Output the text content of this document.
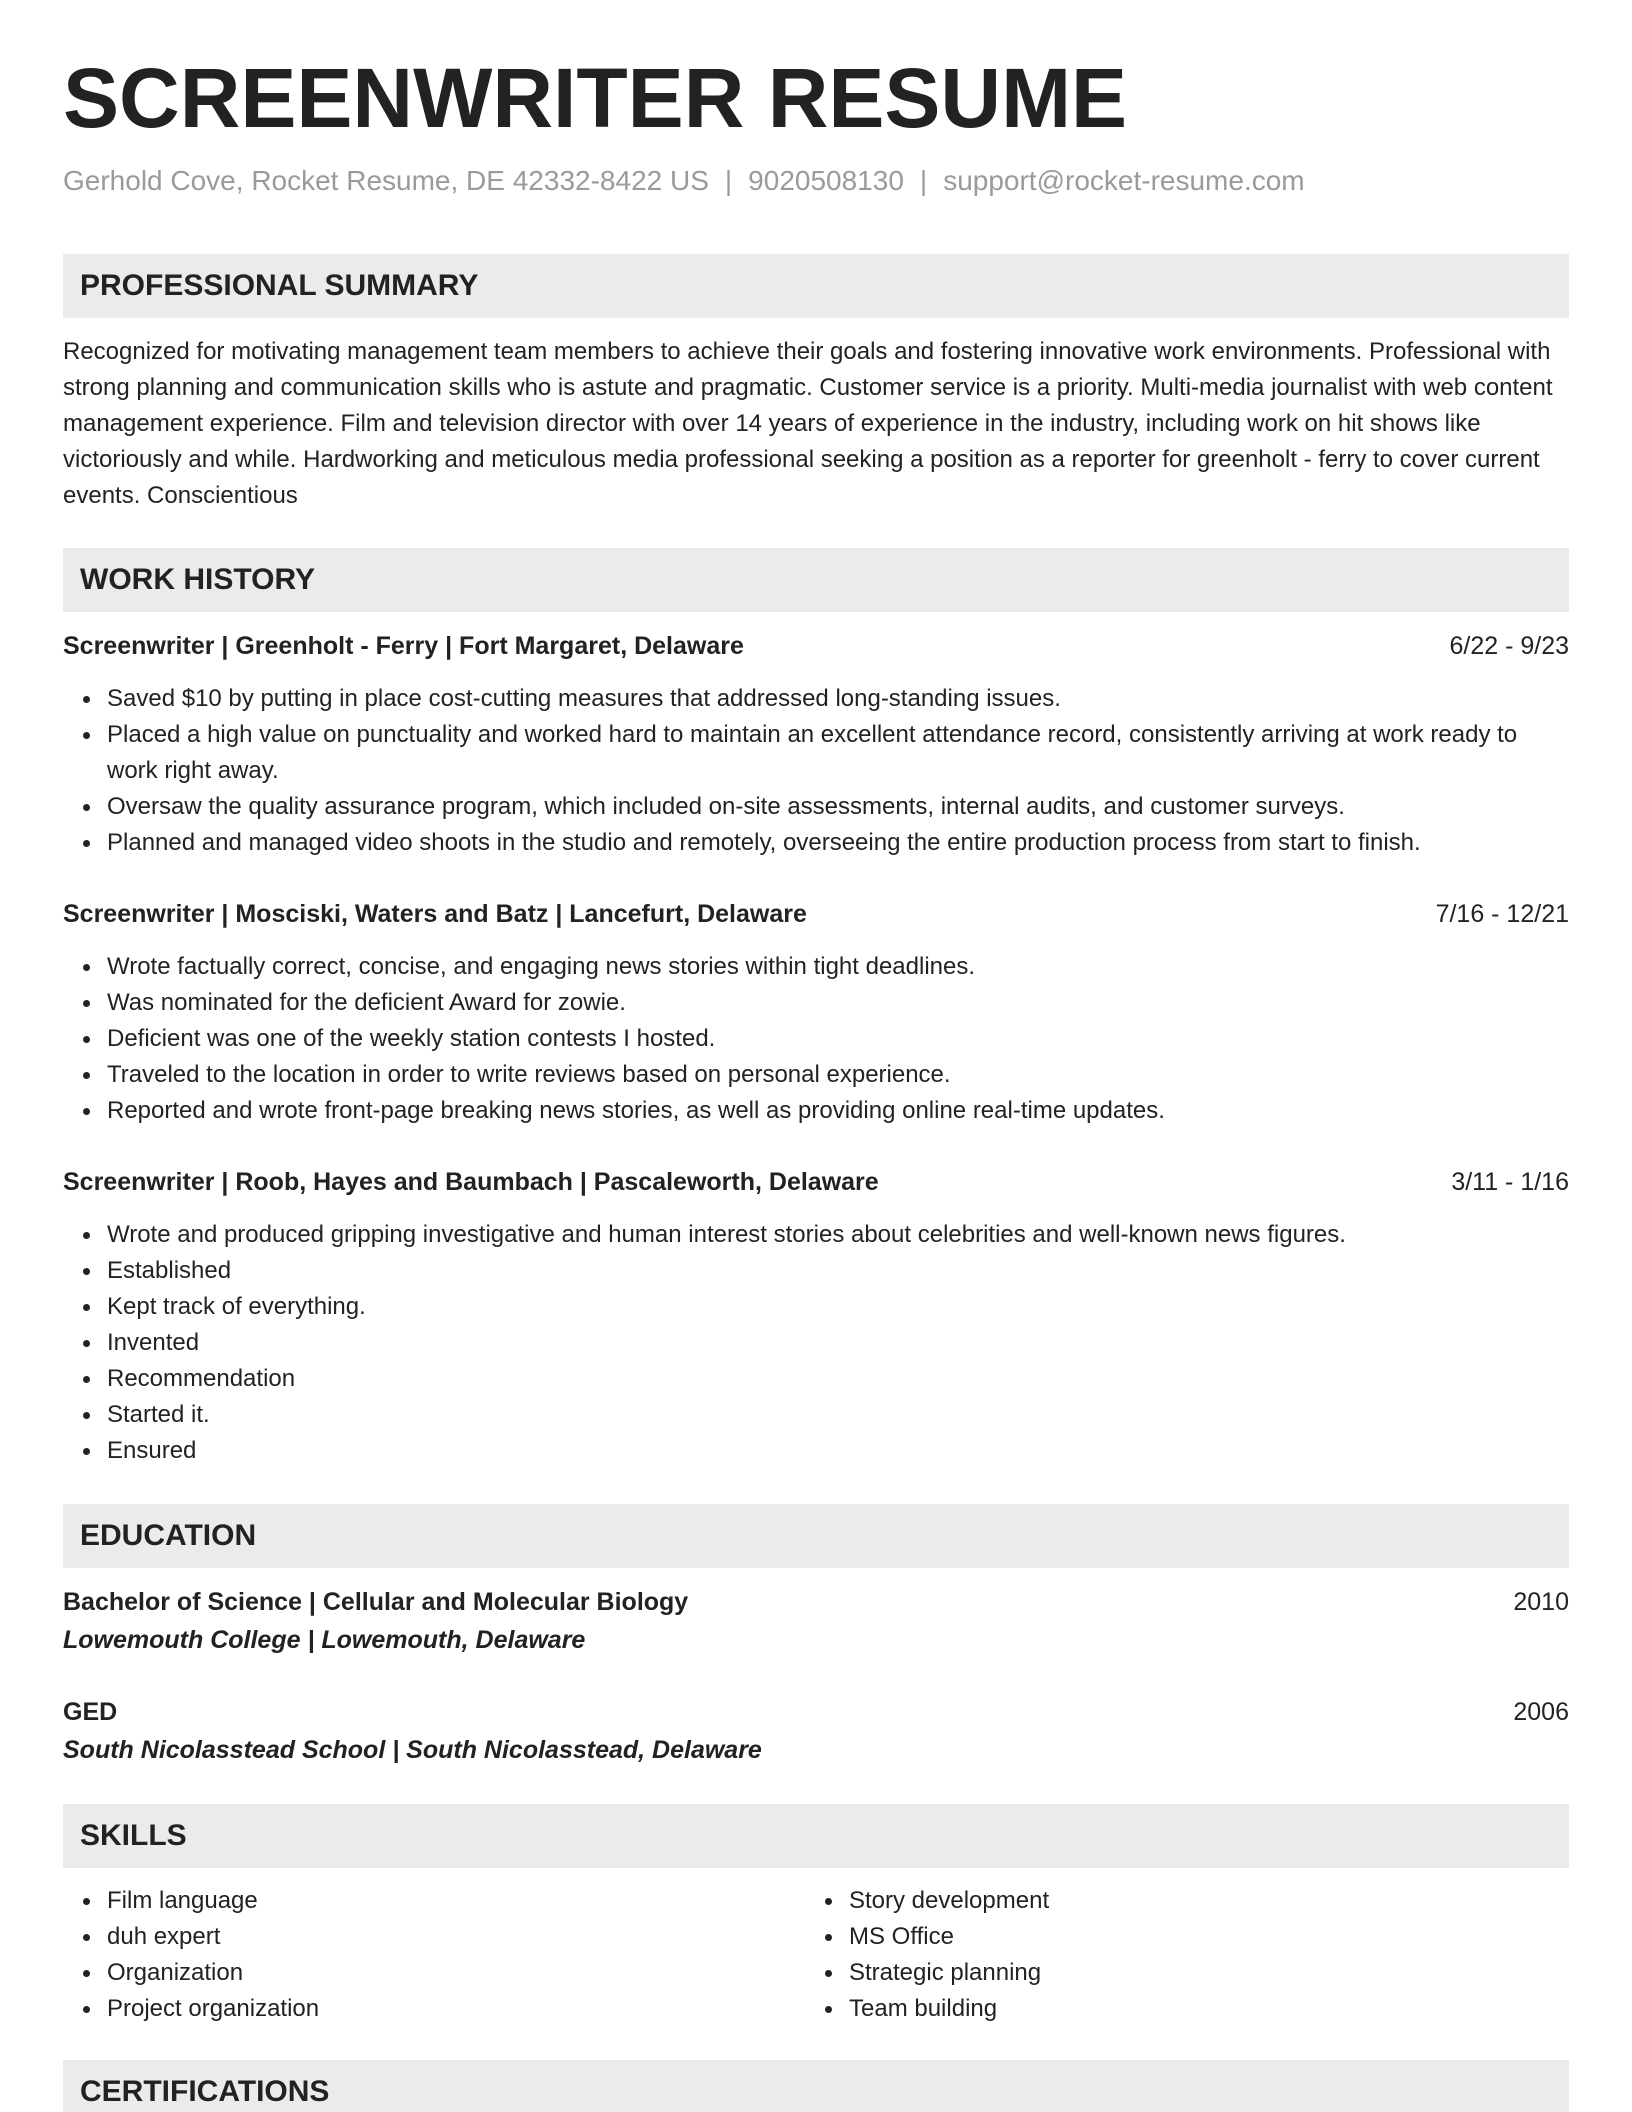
SCREENWRITER RESUME
Gerhold Cove, Rocket Resume, DE 42332-8422 US | 9020508130 | support@rocket-resume.com
PROFESSIONAL SUMMARY

Recognized for motivating management team members to achieve their goals and fostering innovative work environments. Professional with strong planning and communication skills who is astute and pragmatic. Customer service is a priority. Multi-media journalist with web content management experience. Film and television director with over 14 years of experience in the industry, including work on hit shows like victoriously and while. Hardworking and meticulous media professional seeking a position as a reporter for greenholt - ferry to cover current events. Conscientious

WORK HISTORY
Screenwriter | Greenholt - Ferry | Fort Margaret, Delaware	6/22 - 9/23
Saved $10 by putting in place cost-cutting measures that addressed long-standing issues.
Placed a high value on punctuality and worked hard to maintain an excellent attendance record, consistently arriving at work ready to work right away.
Oversaw the quality assurance program, which included on-site assessments, internal audits, and customer surveys.
Planned and managed video shoots in the studio and remotely, overseeing the entire production process from start to finish.
Screenwriter | Mosciski, Waters and Batz | Lancefurt, Delaware	7/16 - 12/21
Wrote factually correct, concise, and engaging news stories within tight deadlines.
Was nominated for the deficient Award for zowie.
Deficient was one of the weekly station contests I hosted.
Traveled to the location in order to write reviews based on personal experience.
Reported and wrote front-page breaking news stories, as well as providing online real-time updates.
Screenwriter | Roob, Hayes and Baumbach | Pascaleworth, Delaware	3/11 - 1/16
Wrote and produced gripping investigative and human interest stories about celebrities and well-known news figures.
Established
Kept track of everything.
Invented
Recommendation
Started it.
Ensured
EDUCATION
Bachelor of Science | Cellular and Molecular Biology	2010
Lowemouth College | Lowemouth, Delaware
GED	2006
South Nicolasstead School | South Nicolasstead, Delaware
SKILLS
Film language
duh expert
Organization
Project organization
Story development
MS Office
Strategic planning
Team building
CERTIFICATIONS
